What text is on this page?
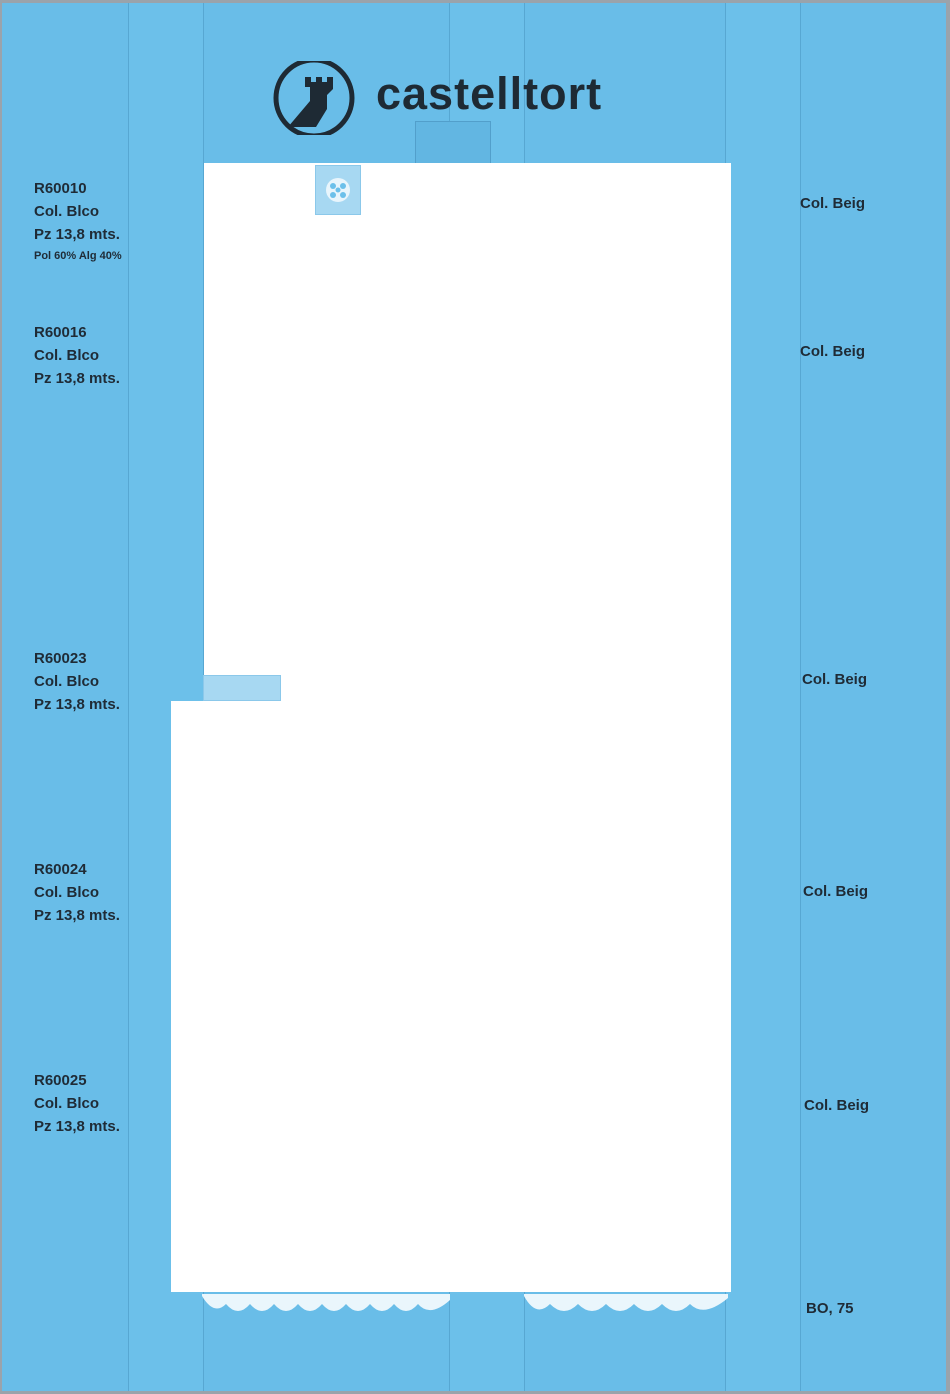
castelltort
R60010
Col. Blco
Pz 13,8 mts.
Pol 60% Alg 40%
R60016
Col. Blco
Pz 13,8 mts.
R60023
Col. Blco
Pz 13,8 mts.
R60024
Col. Blco
Pz 13,8 mts.
R60025
Col. Blco
Pz 13,8 mts.
Col. Beig
Col. Beig
Col. Beig
Col. Beig
Col. Beig
BO, 75
